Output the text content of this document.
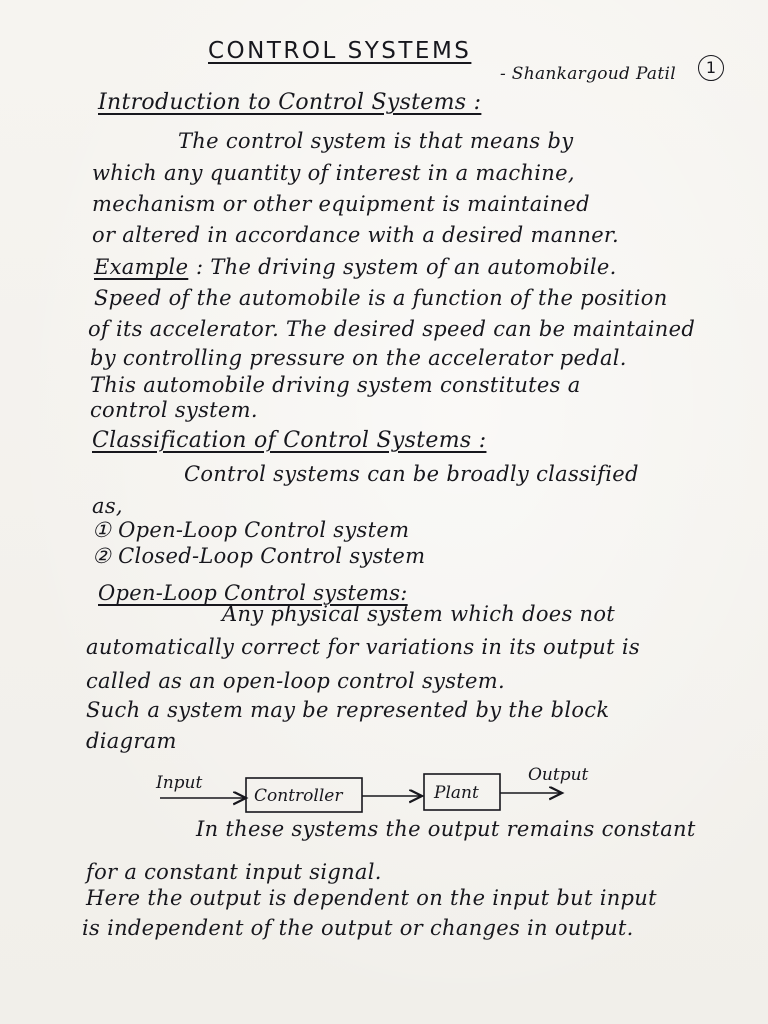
CONTROL SYSTEMS
- Shankargoud Patil	1
Introduction to Control Systems :
The control system is that means by
which any quantity of interest in a machine,
mechanism or other equipment is maintained
or altered in accordance with a desired manner.
Example : The driving system of an automobile.
Speed of the automobile is a function of the position
of its accelerator. The desired speed can be maintained
by controlling pressure on the accelerator pedal.
This automobile driving system constitutes a
control system.
Classification of Control Systems :
Control systems can be broadly classified
as,
① Open-Loop Control system
② Closed-Loop Control system
Open-Loop Control systems:
Any physical system which does not
automatically correct for variations in its output is
called as an open-loop control system.
Such a system may be represented by the block
diagram
Input
Controller	Plant
Output
In these systems the output remains constant
for a constant input signal.
Here the output is dependent on the input but input
is independent of the output or changes in output.
